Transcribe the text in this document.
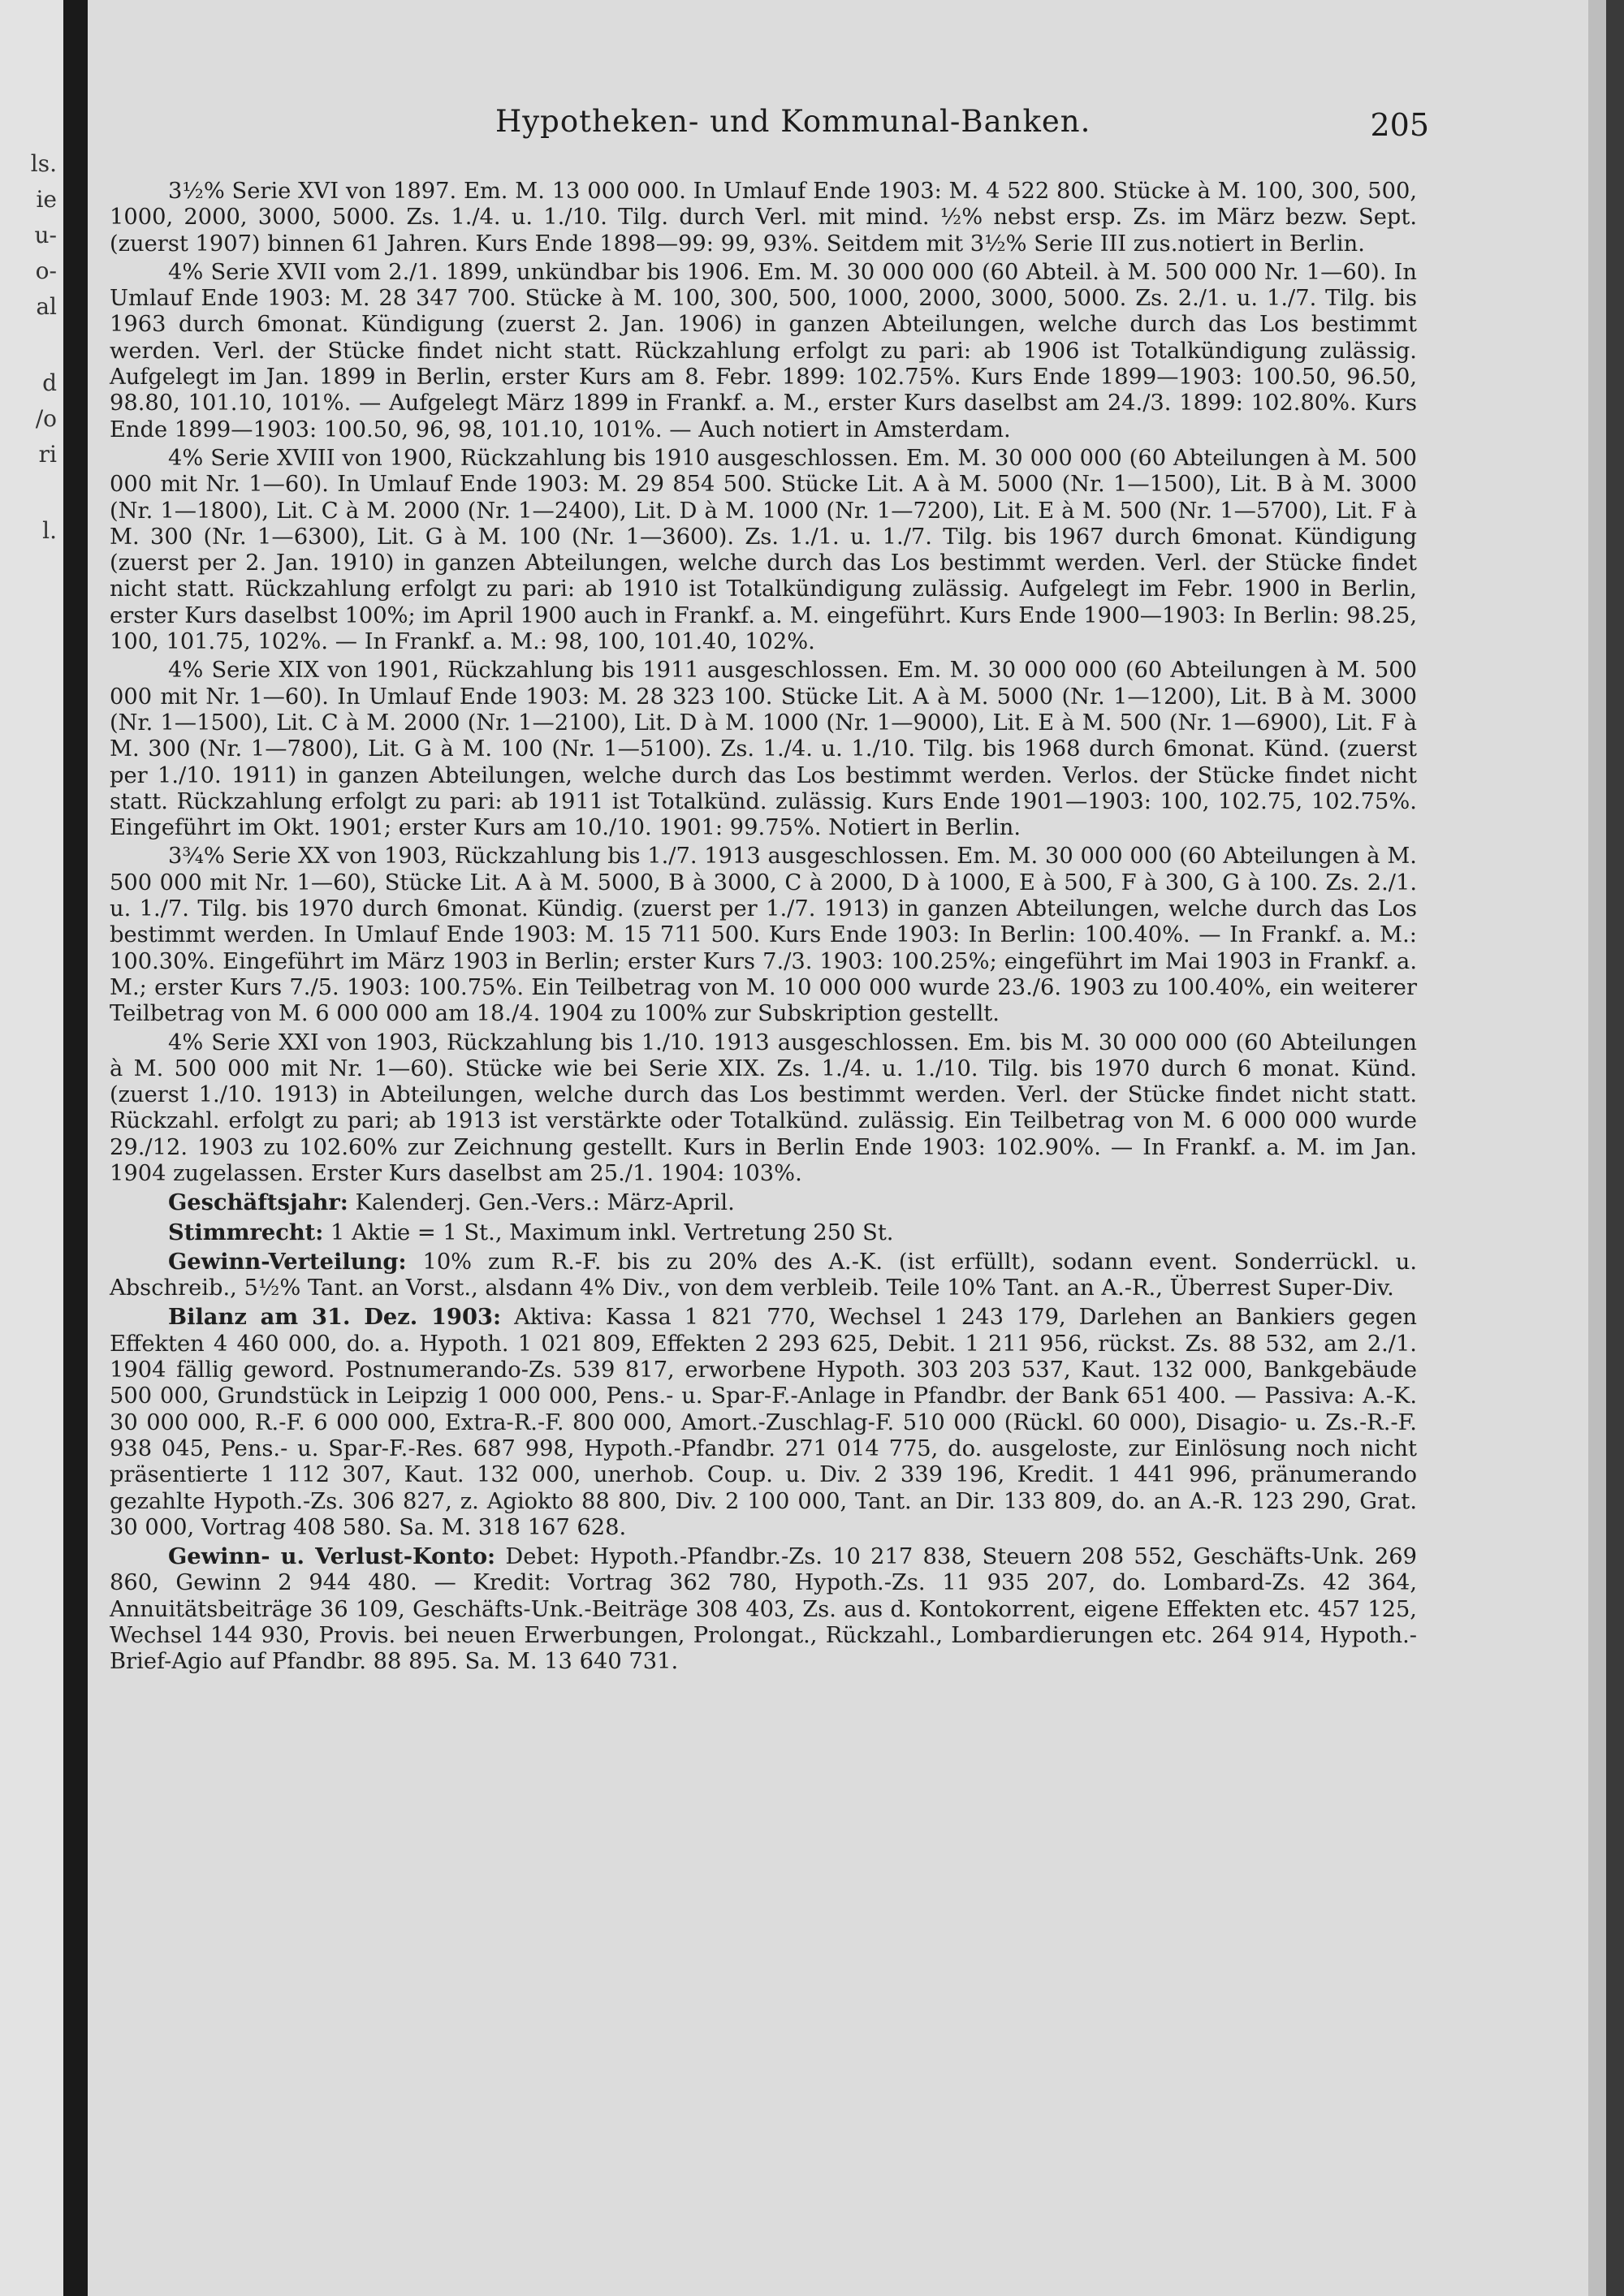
ls.
ie
u-
o-
al
d
/o
ri
l.
Hypotheken- und Kommunal-Banken.	205

3½% Serie XVI von 1897. Em. M. 13 000 000. In Umlauf Ende 1903: M. 4 522 800. Stücke à M. 100, 300, 500, 1000, 2000, 3000, 5000. Zs. 1./4. u. 1./10. Tilg. durch Verl. mit mind. ½% nebst ersp. Zs. im März bezw. Sept. (zuerst 1907) binnen 61 Jahren. Kurs Ende 1898—99: 99, 93%. Seitdem mit 3½% Serie III zus.notiert in Berlin.

4% Serie XVII vom 2./1. 1899, unkündbar bis 1906. Em. M. 30 000 000 (60 Abteil. à M. 500 000 Nr. 1—60). In Umlauf Ende 1903: M. 28 347 700. Stücke à M. 100, 300, 500, 1000, 2000, 3000, 5000. Zs. 2./1. u. 1./7. Tilg. bis 1963 durch 6monat. Kündigung (zuerst 2. Jan. 1906) in ganzen Abteilungen, welche durch das Los bestimmt werden. Verl. der Stücke findet nicht statt. Rückzahlung erfolgt zu pari: ab 1906 ist Totalkündigung zulässig. Aufgelegt im Jan. 1899 in Berlin, erster Kurs am 8. Febr. 1899: 102.75%. Kurs Ende 1899—1903: 100.50, 96.50, 98.80, 101.10, 101%. — Aufgelegt März 1899 in Frankf. a. M., erster Kurs daselbst am 24./3. 1899: 102.80%. Kurs Ende 1899—1903: 100.50, 96, 98, 101.10, 101%. — Auch notiert in Amsterdam.

4% Serie XVIII von 1900, Rückzahlung bis 1910 ausgeschlossen. Em. M. 30 000 000 (60 Abteilungen à M. 500 000 mit Nr. 1—60). In Umlauf Ende 1903: M. 29 854 500. Stücke Lit. A à M. 5000 (Nr. 1—1500), Lit. B à M. 3000 (Nr. 1—1800), Lit. C à M. 2000 (Nr. 1—2400), Lit. D à M. 1000 (Nr. 1—7200), Lit. E à M. 500 (Nr. 1—5700), Lit. F à M. 300 (Nr. 1—6300), Lit. G à M. 100 (Nr. 1—3600). Zs. 1./1. u. 1./7. Tilg. bis 1967 durch 6monat. Kündigung (zuerst per 2. Jan. 1910) in ganzen Abteilungen, welche durch das Los bestimmt werden. Verl. der Stücke findet nicht statt. Rückzahlung erfolgt zu pari: ab 1910 ist Totalkündigung zulässig. Aufgelegt im Febr. 1900 in Berlin, erster Kurs daselbst 100%; im April 1900 auch in Frankf. a. M. eingeführt. Kurs Ende 1900—1903: In Berlin: 98.25, 100, 101.75, 102%. — In Frankf. a. M.: 98, 100, 101.40, 102%.

4% Serie XIX von 1901, Rückzahlung bis 1911 ausgeschlossen. Em. M. 30 000 000 (60 Abteilungen à M. 500 000 mit Nr. 1—60). In Umlauf Ende 1903: M. 28 323 100. Stücke Lit. A à M. 5000 (Nr. 1—1200), Lit. B à M. 3000 (Nr. 1—1500), Lit. C à M. 2000 (Nr. 1—2100), Lit. D à M. 1000 (Nr. 1—9000), Lit. E à M. 500 (Nr. 1—6900), Lit. F à M. 300 (Nr. 1—7800), Lit. G à M. 100 (Nr. 1—5100). Zs. 1./4. u. 1./10. Tilg. bis 1968 durch 6monat. Künd. (zuerst per 1./10. 1911) in ganzen Abteilungen, welche durch das Los bestimmt werden. Verlos. der Stücke findet nicht statt. Rückzahlung erfolgt zu pari: ab 1911 ist Totalkünd. zulässig. Kurs Ende 1901—1903: 100, 102.75, 102.75%. Eingeführt im Okt. 1901; erster Kurs am 10./10. 1901: 99.75%. Notiert in Berlin.

3¾% Serie XX von 1903, Rückzahlung bis 1./7. 1913 ausgeschlossen. Em. M. 30 000 000 (60 Abteilungen à M. 500 000 mit Nr. 1—60), Stücke Lit. A à M. 5000, B à 3000, C à 2000, D à 1000, E à 500, F à 300, G à 100. Zs. 2./1. u. 1./7. Tilg. bis 1970 durch 6monat. Kündig. (zuerst per 1./7. 1913) in ganzen Abteilungen, welche durch das Los bestimmt werden. In Umlauf Ende 1903: M. 15 711 500. Kurs Ende 1903: In Berlin: 100.40%. — In Frankf. a. M.: 100.30%. Eingeführt im März 1903 in Berlin; erster Kurs 7./3. 1903: 100.25%; eingeführt im Mai 1903 in Frankf. a. M.; erster Kurs 7./5. 1903: 100.75%. Ein Teilbetrag von M. 10 000 000 wurde 23./6. 1903 zu 100.40%, ein weiterer Teilbetrag von M. 6 000 000 am 18./4. 1904 zu 100% zur Subskription gestellt.

4% Serie XXI von 1903, Rückzahlung bis 1./10. 1913 ausgeschlossen. Em. bis M. 30 000 000 (60 Abteilungen à M. 500 000 mit Nr. 1—60). Stücke wie bei Serie XIX. Zs. 1./4. u. 1./10. Tilg. bis 1970 durch 6 monat. Künd. (zuerst 1./10. 1913) in Abteilungen, welche durch das Los bestimmt werden. Verl. der Stücke findet nicht statt. Rückzahl. erfolgt zu pari; ab 1913 ist verstärkte oder Totalkünd. zulässig. Ein Teilbetrag von M. 6 000 000 wurde 29./12. 1903 zu 102.60% zur Zeichnung gestellt. Kurs in Berlin Ende 1903: 102.90%. — In Frankf. a. M. im Jan. 1904 zugelassen. Erster Kurs daselbst am 25./1. 1904: 103%.

Geschäftsjahr: Kalenderj. Gen.-Vers.: März-April.

Stimmrecht: 1 Aktie = 1 St., Maximum inkl. Vertretung 250 St.

Gewinn-Verteilung: 10% zum R.-F. bis zu 20% des A.-K. (ist erfüllt), sodann event. Sonderrückl. u. Abschreib., 5½% Tant. an Vorst., alsdann 4% Div., von dem verbleib. Teile 10% Tant. an A.-R., Überrest Super-Div.

Bilanz am 31. Dez. 1903: Aktiva: Kassa 1 821 770, Wechsel 1 243 179, Darlehen an Bankiers gegen Effekten 4 460 000, do. a. Hypoth. 1 021 809, Effekten 2 293 625, Debit. 1 211 956, rückst. Zs. 88 532, am 2./1. 1904 fällig geword. Postnumerando-Zs. 539 817, erworbene Hypoth. 303 203 537, Kaut. 132 000, Bankgebäude 500 000, Grundstück in Leipzig 1 000 000, Pens.- u. Spar-F.-Anlage in Pfandbr. der Bank 651 400. — Passiva: A.-K. 30 000 000, R.-F. 6 000 000, Extra-R.-F. 800 000, Amort.-Zuschlag-F. 510 000 (Rückl. 60 000), Disagio- u. Zs.-R.-F. 938 045, Pens.- u. Spar-F.-Res. 687 998, Hypoth.-Pfandbr. 271 014 775, do. ausgeloste, zur Einlösung noch nicht präsentierte 1 112 307, Kaut. 132 000, unerhob. Coup. u. Div. 2 339 196, Kredit. 1 441 996, pränumerando gezahlte Hypoth.-Zs. 306 827, z. Agiokto 88 800, Div. 2 100 000, Tant. an Dir. 133 809, do. an A.-R. 123 290, Grat. 30 000, Vortrag 408 580. Sa. M. 318 167 628.

Gewinn- u. Verlust-Konto: Debet: Hypoth.-Pfandbr.-Zs. 10 217 838, Steuern 208 552, Geschäfts-Unk. 269 860, Gewinn 2 944 480. — Kredit: Vortrag 362 780, Hypoth.-Zs. 11 935 207, do. Lombard-Zs. 42 364, Annuitätsbeiträge 36 109, Geschäfts-Unk.-Beiträge 308 403, Zs. aus d. Kontokorrent, eigene Effekten etc. 457 125, Wechsel 144 930, Provis. bei neuen Erwerbungen, Prolongat., Rückzahl., Lombardierungen etc. 264 914, Hypoth.-Brief-Agio auf Pfandbr. 88 895. Sa. M. 13 640 731.
